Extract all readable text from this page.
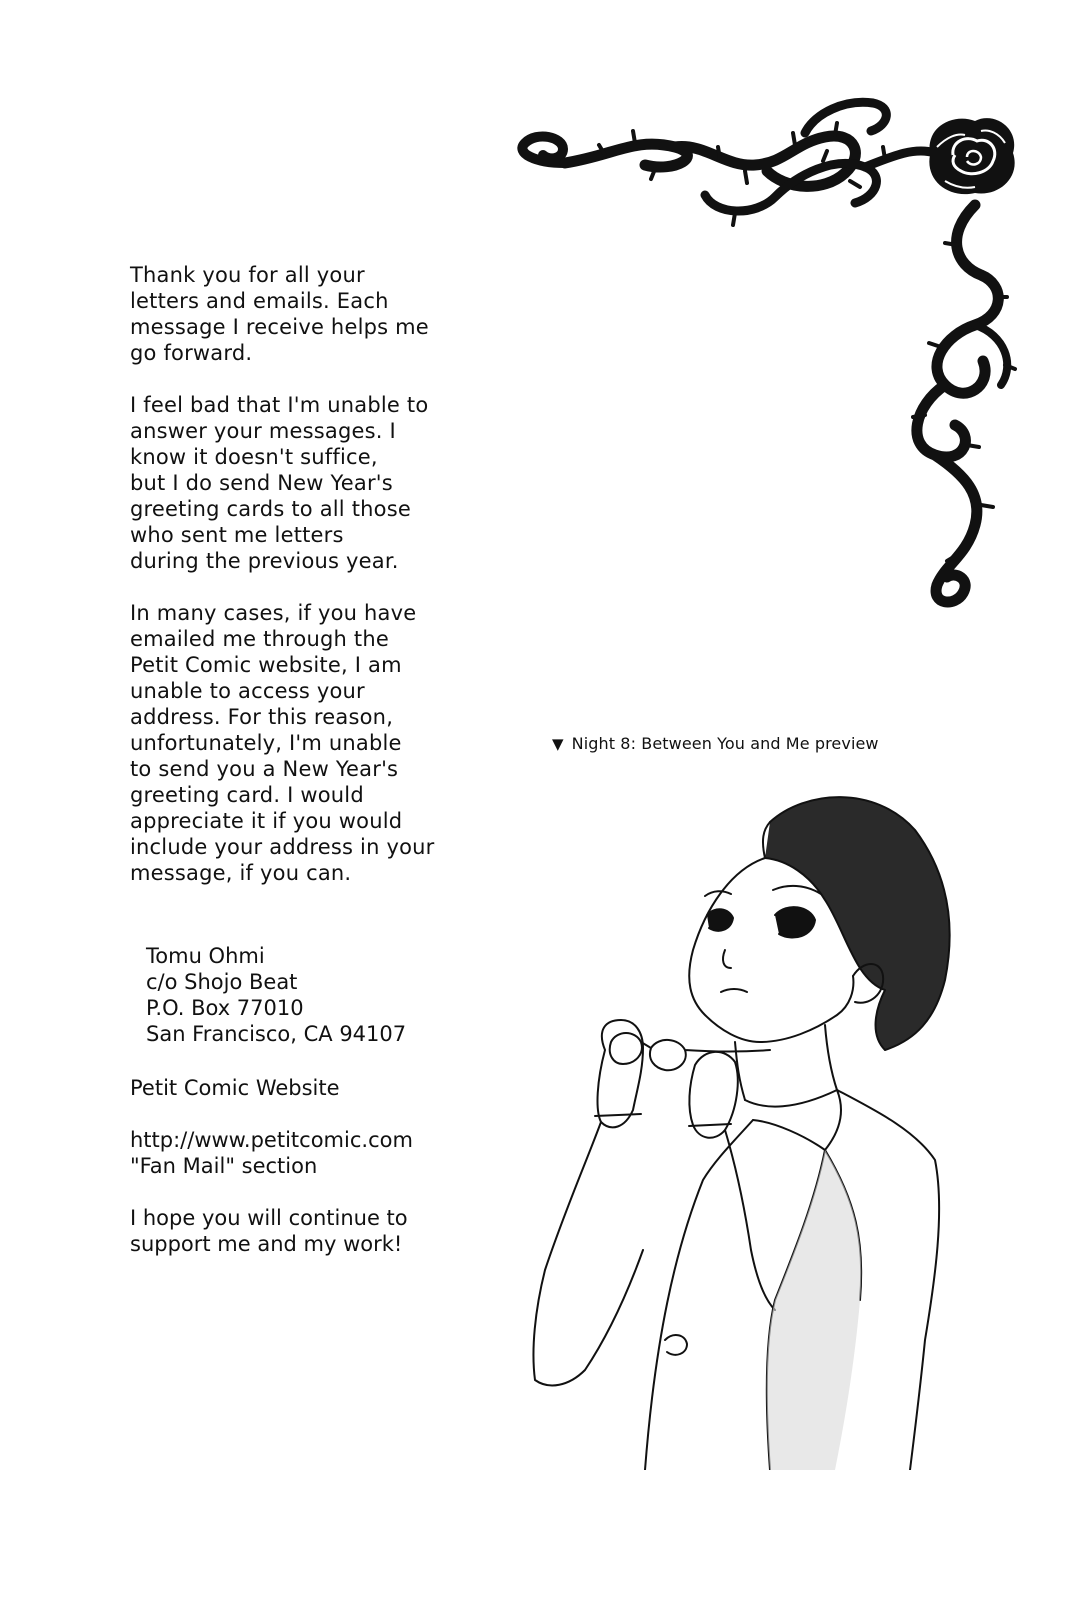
Thank you for all your
letters and emails. Each
message I receive helps me
go forward.

I feel bad that I'm unable to
answer your messages. I
know it doesn't suffice,
but I do send New Year's
greeting cards to all those
who sent me letters
during the previous year.

In many cases, if you have
emailed me through the
Petit Comic website, I am
unable to access your
address. For this reason,
unfortunately, I'm unable
to send you a New Year's
greeting card. I would
appreciate it if you would
include your address in your
message, if you can.

Tomu Ohmi
c/o Shojo Beat
P.O. Box 77010
San Francisco, CA 94107

Petit Comic Website

http://www.petitcomic.com
"Fan Mail" section

I hope you will continue to
support me and my work!

▼ Night 8: Between You and Me preview
